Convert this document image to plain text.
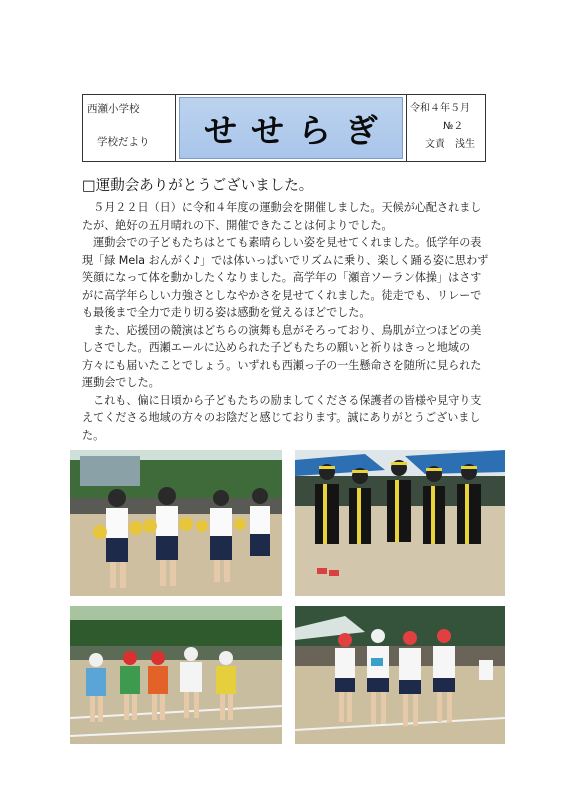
西瀬小学校
学校だより	せせらぎ
令和４年５月
№２
文責　浅生
□運動会ありがとうございました。

５月２２日（日）に令和４年度の運動会を開催しました。天候が心配されましたが、絶好の五月晴れの下、開催できたことは何よりでした。

運動会での子どもたちはとても素晴らしい姿を見せてくれました。低学年の表現「緑 Mela おんがく♪」では体いっぱいでリズムに乗り、楽しく踊る姿に思わず笑顔になって体を動かしたくなりました。高学年の「瀬音ソーラン体操」はさすがに高学年らしい力強さとしなやかさを見せてくれました。徒走でも、リレーでも最後まで全力で走り切る姿は感動を覚えるほどでした。

また、応援団の競演はどちらの演舞も息がそろっており、鳥肌が立つほどの美しさでした。西瀬エールに込められた子どもたちの願いと祈りはきっと地域の方々にも届いたことでしょう。いずれも西瀬っ子の一生懸命さを随所に見られた運動会でした。

これも、偏に日頃から子どもたちの励ましてくださる保護者の皆様や見守り支えてくださる地域の方々のお陰だと感じております。誠にありがとうございました。
